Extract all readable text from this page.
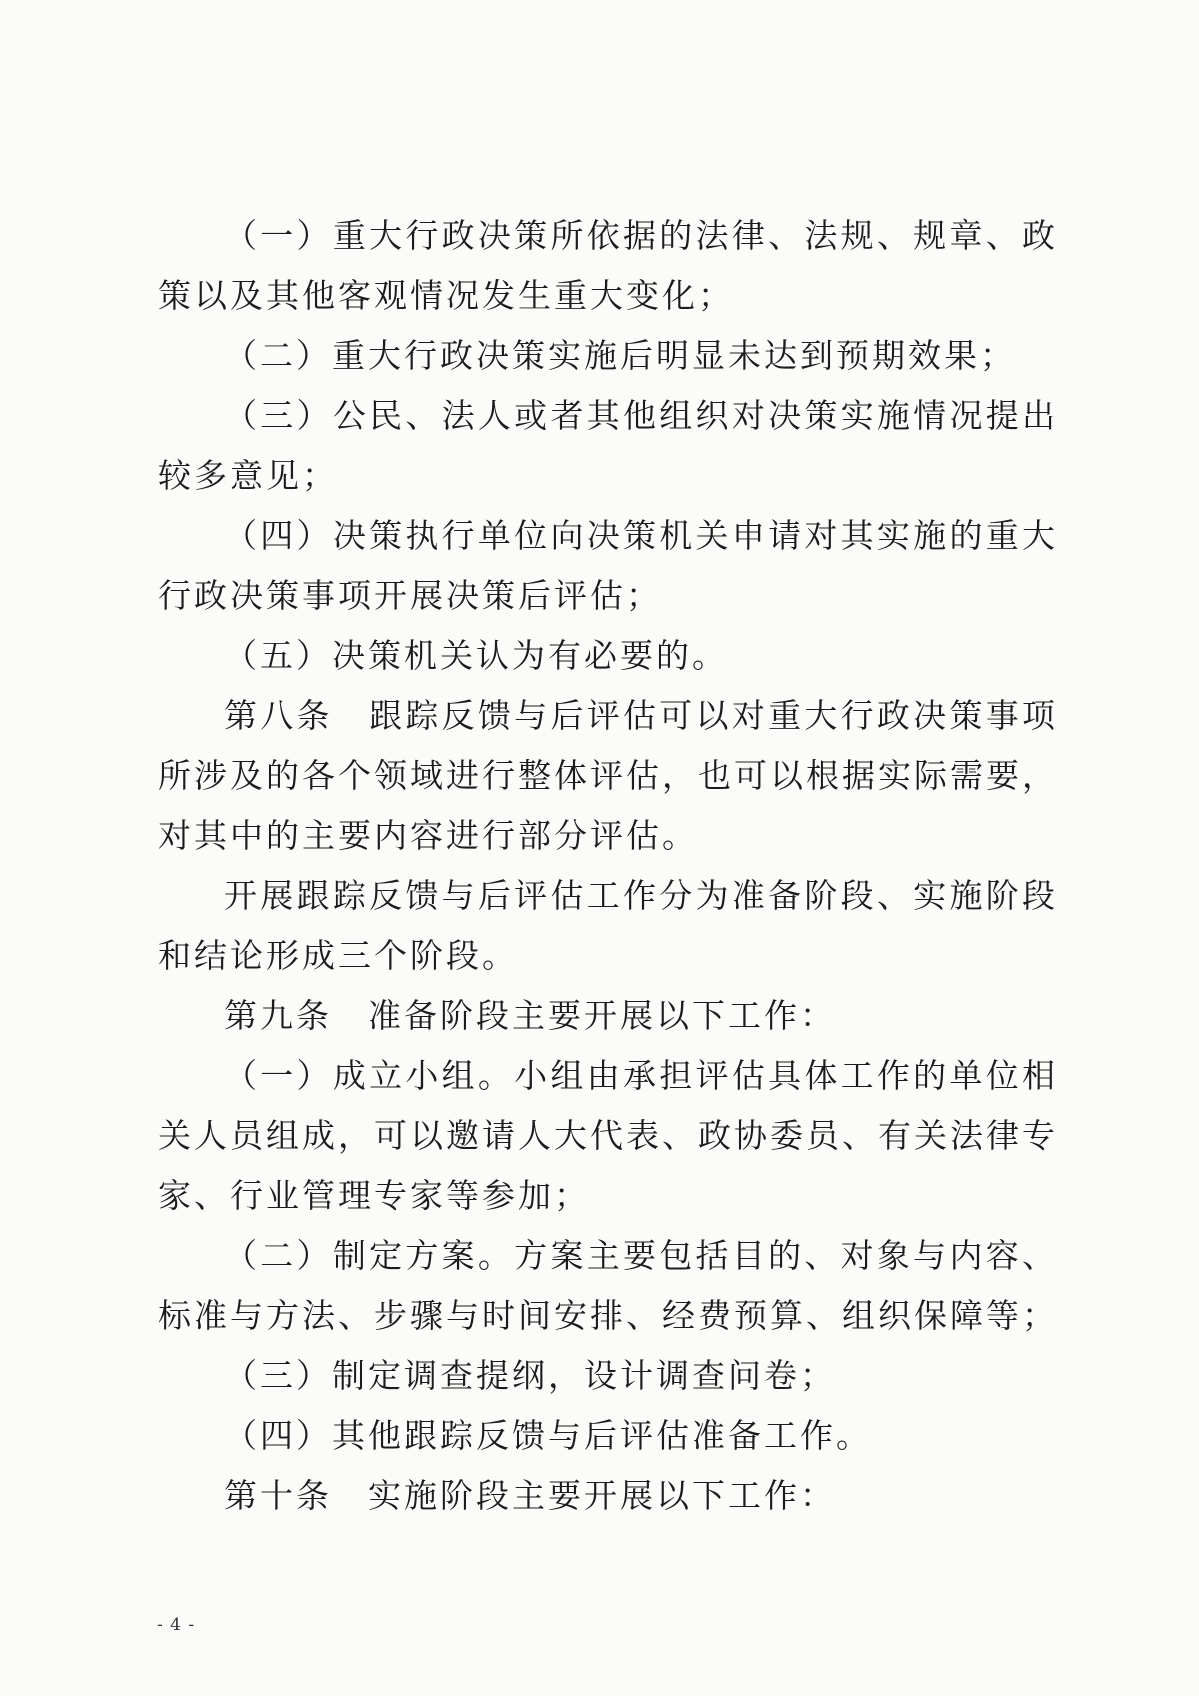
（一）重大行政决策所依据的法律、法规、规章、政策以及其他客观情况发生重大变化；

（二）重大行政决策实施后明显未达到预期效果；

（三）公民、法人或者其他组织对决策实施情况提出较多意见；

（四）决策执行单位向决策机关申请对其实施的重大行政决策事项开展决策后评估；

（五）决策机关认为有必要的。

第八条　跟踪反馈与后评估可以对重大行政决策事项所涉及的各个领域进行整体评估，也可以根据实际需要，对其中的主要内容进行部分评估。

开展跟踪反馈与后评估工作分为准备阶段、实施阶段和结论形成三个阶段。

第九条　准备阶段主要开展以下工作：

（一）成立小组。小组由承担评估具体工作的单位相关人员组成，可以邀请人大代表、政协委员、有关法律专家、行业管理专家等参加；

（二）制定方案。方案主要包括目的、对象与内容、标准与方法、步骤与时间安排、经费预算、组织保障等；

（三）制定调查提纲，设计调查问卷；

（四）其他跟踪反馈与后评估准备工作。

第十条　实施阶段主要开展以下工作：

- 4 -
